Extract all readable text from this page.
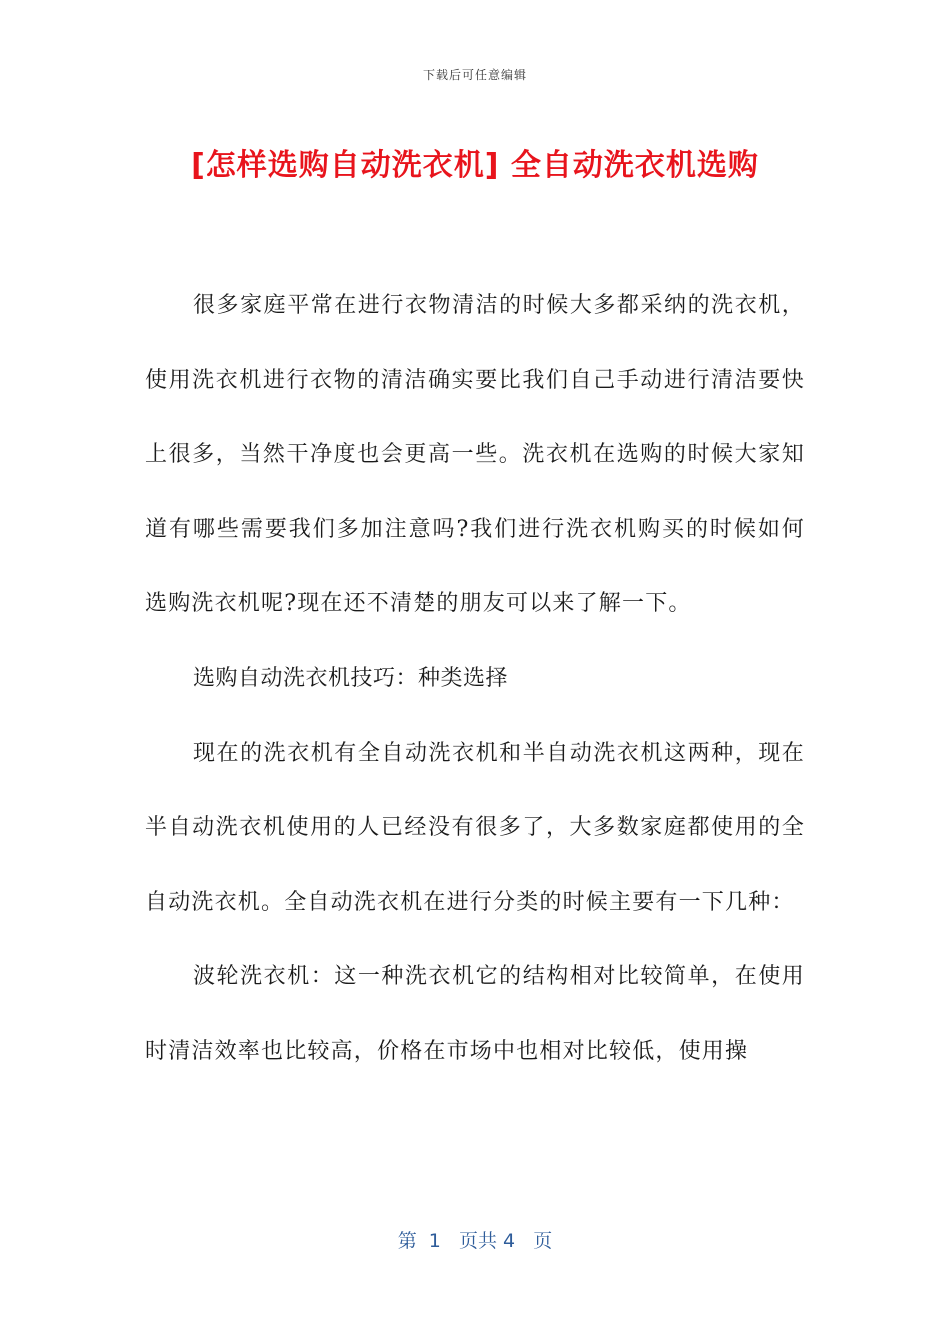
下载后可任意编辑
[怎样选购自动洗衣机] 全自动洗衣机选购

很多家庭平常在进行衣物清洁的时候大多都采纳的洗衣机，使用洗衣机进行衣物的清洁确实要比我们自己手动进行清洁要快上很多，当然干净度也会更高一些。洗衣机在选购的时候大家知道有哪些需要我们多加注意吗?我们进行洗衣机购买的时候如何选购洗衣机呢?现在还不清楚的朋友可以来了解一下。

选购自动洗衣机技巧：种类选择

现在的洗衣机有全自动洗衣机和半自动洗衣机这两种，现在半自动洗衣机使用的人已经没有很多了，大多数家庭都使用的全自动洗衣机。全自动洗衣机在进行分类的时候主要有一下几种：

波轮洗衣机：这一种洗衣机它的结构相对比较简单，在使用时清洁效率也比较高，价格在市场中也相对比较低，使用操

第  1   页共 4   页
